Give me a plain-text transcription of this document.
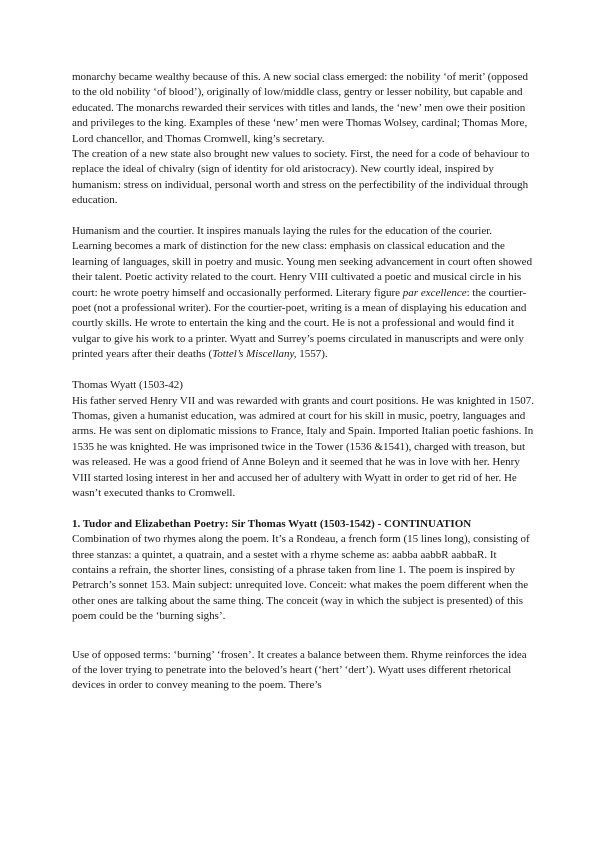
monarchy became wealthy because of this. A new social class emerged: the nobility ‘of merit’ (opposed to the old nobility ‘of blood’), originally of low/middle class, gentry or lesser nobility, but capable and educated. The monarchs rewarded their services with titles and lands, the ‘new’ men owe their position and privileges to the king. Examples of these ‘new’ men were Thomas Wolsey, cardinal; Thomas More, Lord chancellor, and Thomas Cromwell, king’s secretary.

The creation of a new state also brought new values to society. First, the need for a code of behaviour to replace the ideal of chivalry (sign of identity for old aristocracy). New courtly ideal, inspired by humanism: stress on individual, personal worth and stress on the perfectibility of the individual through education.

Humanism and the courtier. It inspires manuals laying the rules for the education of the courier. Learning becomes a mark of distinction for the new class: emphasis on classical education and the learning of languages, skill in poetry and music. Young men seeking advancement in court often showed their talent. Poetic activity related to the court. Henry VIII cultivated a poetic and musical circle in his court: he wrote poetry himself and occasionally performed. Literary figure par excellence: the courtier-poet (not a professional writer). For the courtier-poet, writing is a mean of displaying his education and courtly skills. He wrote to entertain the king and the court. He is not a professional and would find it vulgar to give his work to a printer. Wyatt and Surrey’s poems circulated in manuscripts and were only printed years after their deaths (Tottel’s Miscellany, 1557).

Thomas Wyatt (1503-42)

His father served Henry VII and was rewarded with grants and court positions. He was knighted in 1507. Thomas, given a humanist education, was admired at court for his skill in music, poetry, languages and arms. He was sent on diplomatic missions to France, Italy and Spain. Imported Italian poetic fashions. In 1535 he was knighted. He was imprisoned twice in the Tower (1536 &1541), charged with treason, but was released. He was a good friend of Anne Boleyn and it seemed that he was in love with her. Henry VIII started losing interest in her and accused her of adultery with Wyatt in order to get rid of her. He wasn’t executed thanks to Cromwell.

1. Tudor and Elizabethan Poetry: Sir Thomas Wyatt (1503-1542) - CONTINUATION

Combination of two rhymes along the poem. It’s a Rondeau, a french form (15 lines long), consisting of three stanzas: a quintet, a quatrain, and a sestet with a rhyme scheme as: aabba aabbR aabbaR. It contains a refrain, the shorter lines, consisting of a phrase taken from line 1. The poem is inspired by Petrarch’s sonnet 153. Main subject: unrequited love. Conceit: what makes the poem different when the other ones are talking about the same thing. The conceit (way in which the subject is presented) of this poem could be the ‘burning sighs’.

Use of opposed terms: ‘burning’ ‘frosen’. It creates a balance between them. Rhyme reinforces the idea of the lover trying to penetrate into the beloved’s heart (‘hert’ ‘dert’). Wyatt uses different rhetorical devices in order to convey meaning to the poem. There’s
